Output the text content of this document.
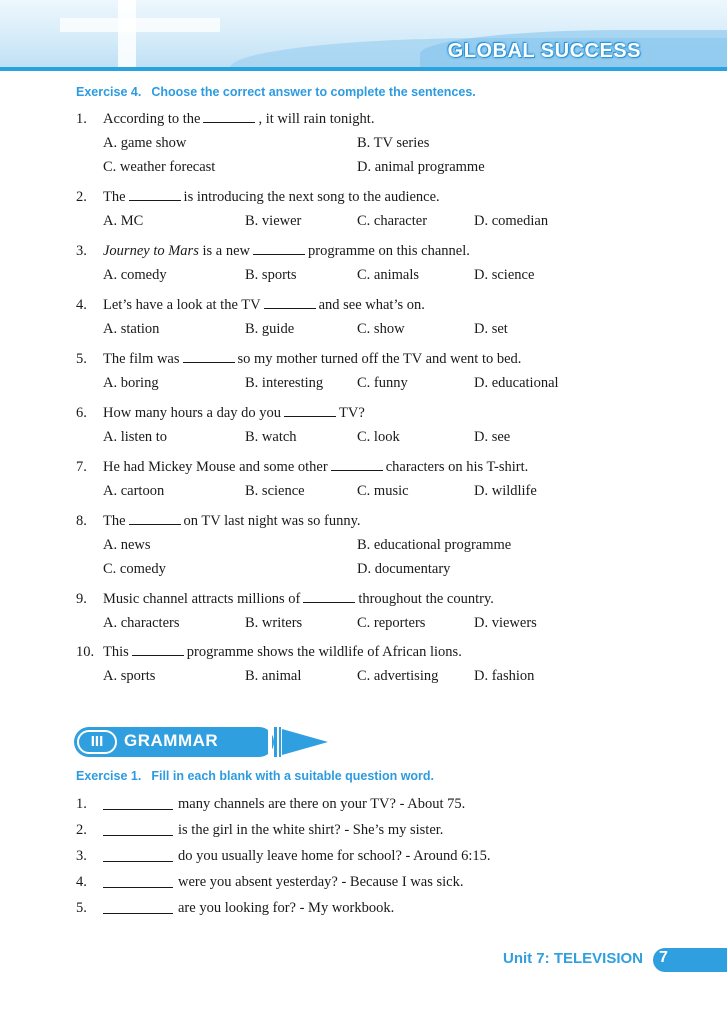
GLOBAL SUCCESS
Exercise 4. Choose the correct answer to complete the sentences.
1. According to the	, it will rain tonight.
A. game show	B. TV series
C. weather forecast	D. animal programme
2. The	is introducing the next song to the audience.
A. MC	B. viewer	C. character	D. comedian
3. Journey to Mars is a new	programme on this channel.
A. comedy	B. sports	C. animals	D. science
4. Let’s have a look at the TV	and see what’s on.
A. station	B. guide	C. show	D. set
5. The film was	so my mother turned off the TV and went to bed.
A. boring	B. interesting C. funny	D. educational
6. How many hours a day do you	TV?
A. listen to	B. watch	C. look	D. see
7. He had Mickey Mouse and some other	characters on his T-shirt.
A. cartoon	B. science	C. music	D. wildlife
8. The	on TV last night was so funny.
A. news	B. educational programme
C. comedy	D. documentary
9. Music channel attracts millions of	throughout the country.
A. characters	B. writers	C. reporters	D. viewers
10. This	programme shows the wildlife of African lions.
A. sports	B. animal	C. advertising D. fashion
III	GRAMMAR
Exercise 1. Fill in each blank with a suitable question word.
1.	many channels are there on your TV? - About 75.
2.	is the girl in the white shirt? - She’s my sister.
3.	do you usually leave home for school? - Around 6:15.
4.	were you absent yesterday? - Because I was sick.
5.	are you looking for? - My workbook.
Unit 7: TELEVISION 7
